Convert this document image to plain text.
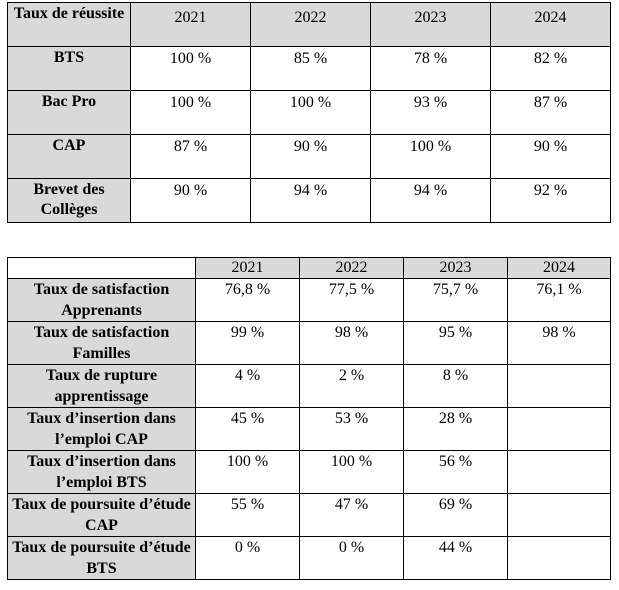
Taux de réussite	2021	2022	2023	2024
BTS	100 %	85 %	78 %	82 %
Bac Pro	100 %	100 %	93 %	87 %
CAP	87 %	90 %	100 %	90 %
Brevet des Collèges	90 %	94 %	94 %	92 %
	2021	2022	2023	2024
Taux de satisfaction Apprenants	76,8 %	77,5 %	75,7 %	76,1 %
Taux de satisfaction Familles	99 %	98 %	95 %	98 %
Taux de rupture apprentissage	4 %	2 %	8 %	
Taux d’insertion dans l’emploi CAP	45 %	53 %	28 %	
Taux d’insertion dans l’emploi BTS	100 %	100 %	56 %	
Taux de poursuite d’étude CAP	55 %	47 %	69 %	
Taux de poursuite d’étude BTS	0 %	0 %	44 %	
